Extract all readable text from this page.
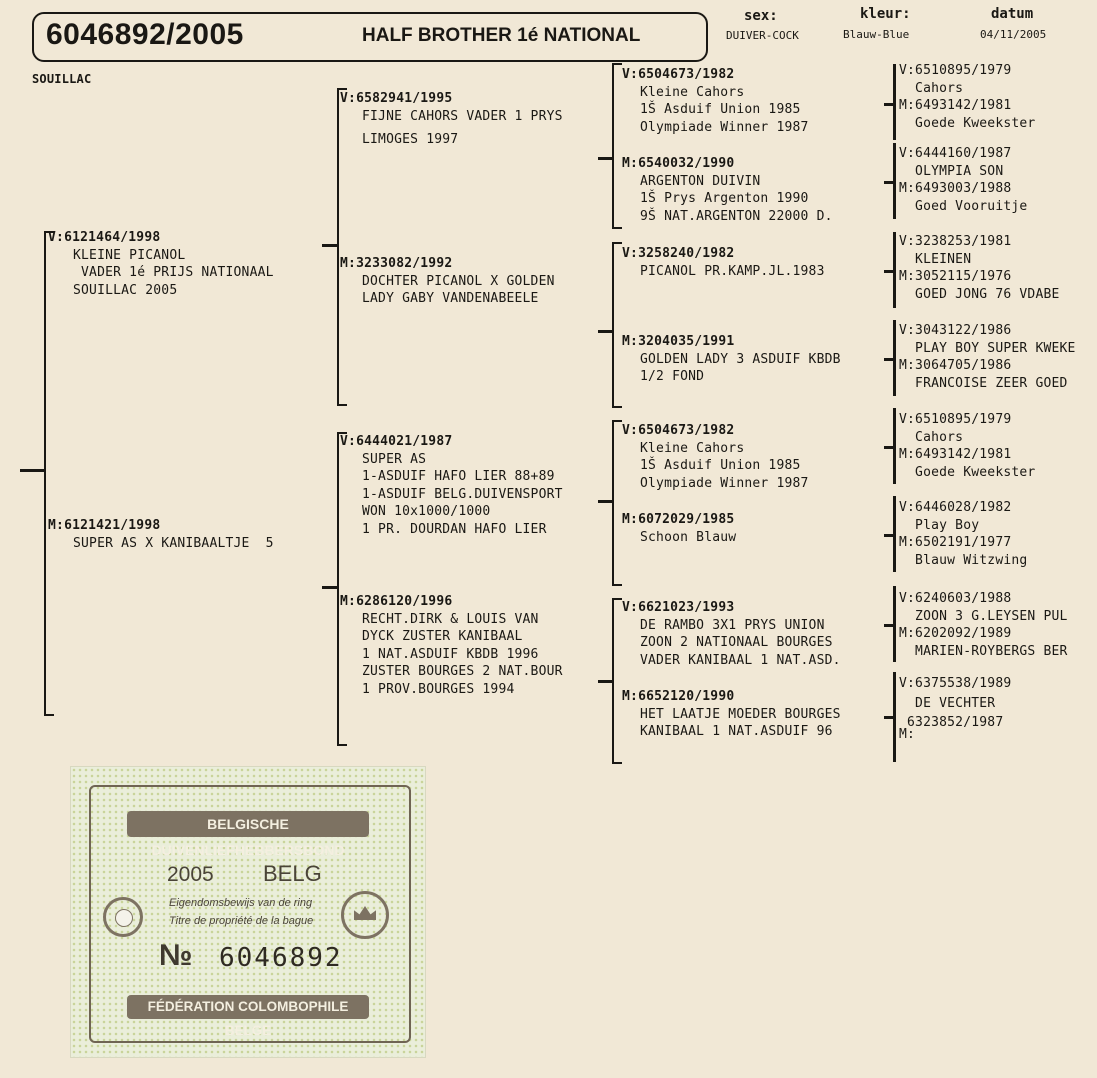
6046892/2005	HALF BROTHER 1é NATIONAL
sex:
DUIVER-COCK
kleur:
Blauw-Blue
datum
04/11/2005
SOUILLAC
V:6121464/1998
KLEINE PICANOL
VADER 1é PRIJS NATIONAAL
SOUILLAC 2005
M:6121421/1998
SUPER AS X KANIBAALTJE  5
V:6582941/1995
FIJNE CAHORS VADER 1 PRYS
LIMOGES 1997
M:3233082/1992
DOCHTER PICANOL X GOLDEN
LADY GABY VANDENABEELE
V:6444021/1987
SUPER AS
1-ASDUIF HAFO LIER 88+89
1-ASDUIF BELG.DUIVENSPORT
WON 10x1000/1000
1 PR. DOURDAN HAFO LIER
M:6286120/1996
RECHT.DIRK & LOUIS VAN
DYCK ZUSTER KANIBAAL
1 NAT.ASDUIF KBDB 1996
ZUSTER BOURGES 2 NAT.BOUR
1 PROV.BOURGES 1994
V:6504673/1982
Kleine Cahors
1Š Asduif Union 1985
Olympiade Winner 1987
M:6540032/1990
ARGENTON DUIVIN
1Š Prys Argenton 1990
9Š NAT.ARGENTON 22000 D.
V:3258240/1982
PICANOL PR.KAMP.JL.1983
M:3204035/1991
GOLDEN LADY 3 ASDUIF KBDB
1/2 FOND
V:6504673/1982
Kleine Cahors
1Š Asduif Union 1985
Olympiade Winner 1987
M:6072029/1985
Schoon Blauw
V:6621023/1993
DE RAMBO 3X1 PRYS UNION
ZOON 2 NATIONAAL BOURGES
VADER KANIBAAL 1 NAT.ASD.
M:6652120/1990
HET LAATJE MOEDER BOURGES
KANIBAAL 1 NAT.ASDUIF 96
V:6510895/1979
Cahors
M:6493142/1981
Goede Kweekster
V:6444160/1987
OLYMPIA SON
M:6493003/1988
Goed Vooruitje
V:3238253/1981
KLEINEN
M:3052115/1976
GOED JONG 76 VDABE
V:3043122/1986
PLAY BOY SUPER KWEKE
M:3064705/1986
FRANCOISE ZEER GOED
V:6510895/1979
Cahors
M:6493142/1981
Goede Kweekster
V:6446028/1982
Play Boy
M:6502191/1977
Blauw Witzwing
V:6240603/1988
ZOON 3 G.LEYSEN PUL
M:6202092/1989
MARIEN-ROYBERGS BER
V:6375538/1989
DE VECHTER
6323852/1987
M:
BELGISCHE DUIVENLIEFHEBBERSBOND
2005 BELG
Eigendomsbewijs van de ring
Titre de propriété de la bague
№ 6046892
FÉDÉRATION COLOMBOPHILE BELGE
